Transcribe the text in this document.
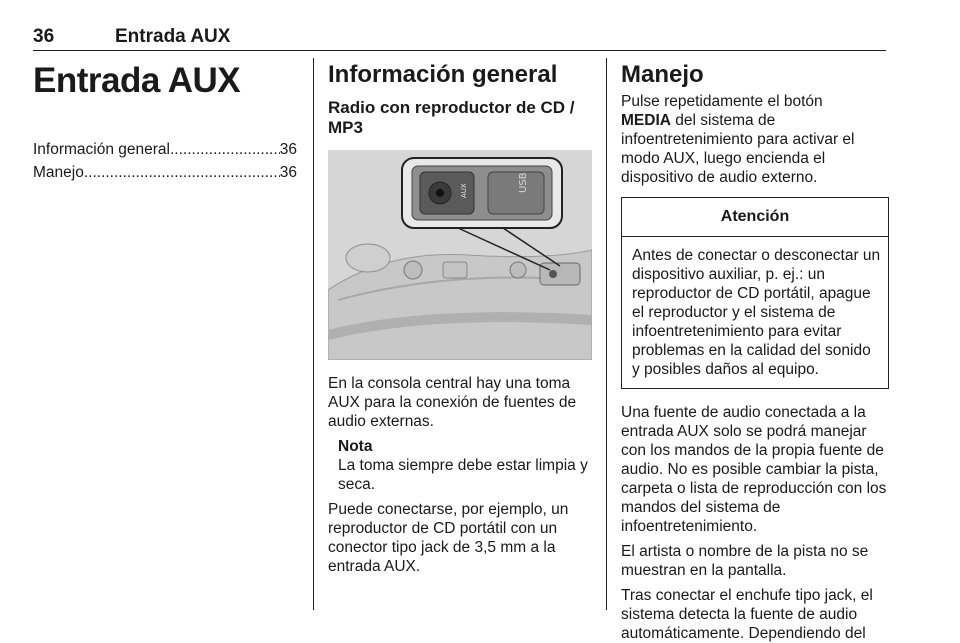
36	Entrada AUX
Entrada AUX
Información general .....	36
Manejo .....	36
Información general
Radio con reproductor de CD / MP3
USB
AUX

En la consola central hay una toma AUX para la conexión de fuentes de audio externas.

Nota
La toma siempre debe estar limpia y seca.

Puede conectarse, por ejemplo, un reproductor de CD portátil con un conector tipo jack de 3,5 mm a la entrada AUX.

Manejo

Pulse repetidamente el botón
MEDIA del sistema de infoentretenimiento para activar el modo AUX, luego encienda el dispositivo de audio externo.

Atención
Antes de conectar o desconectar un dispositivo auxiliar, p. ej.: un reproductor de CD portátil, apague el reproductor y el sistema de infoentretenimiento para evitar problemas en la calidad del sonido y posibles daños al equipo.

Una fuente de audio conectada a la entrada AUX solo se podrá manejar con los mandos de la propia fuente de audio. No es posible cambiar la pista, carpeta o lista de reproducción con los mandos del sistema de infoentretenimiento.

El artista o nombre de la pista no se muestran en la pantalla.

Tras conectar el enchufe tipo jack, el sistema detecta la fuente de audio automáticamente. Dependiendo del
